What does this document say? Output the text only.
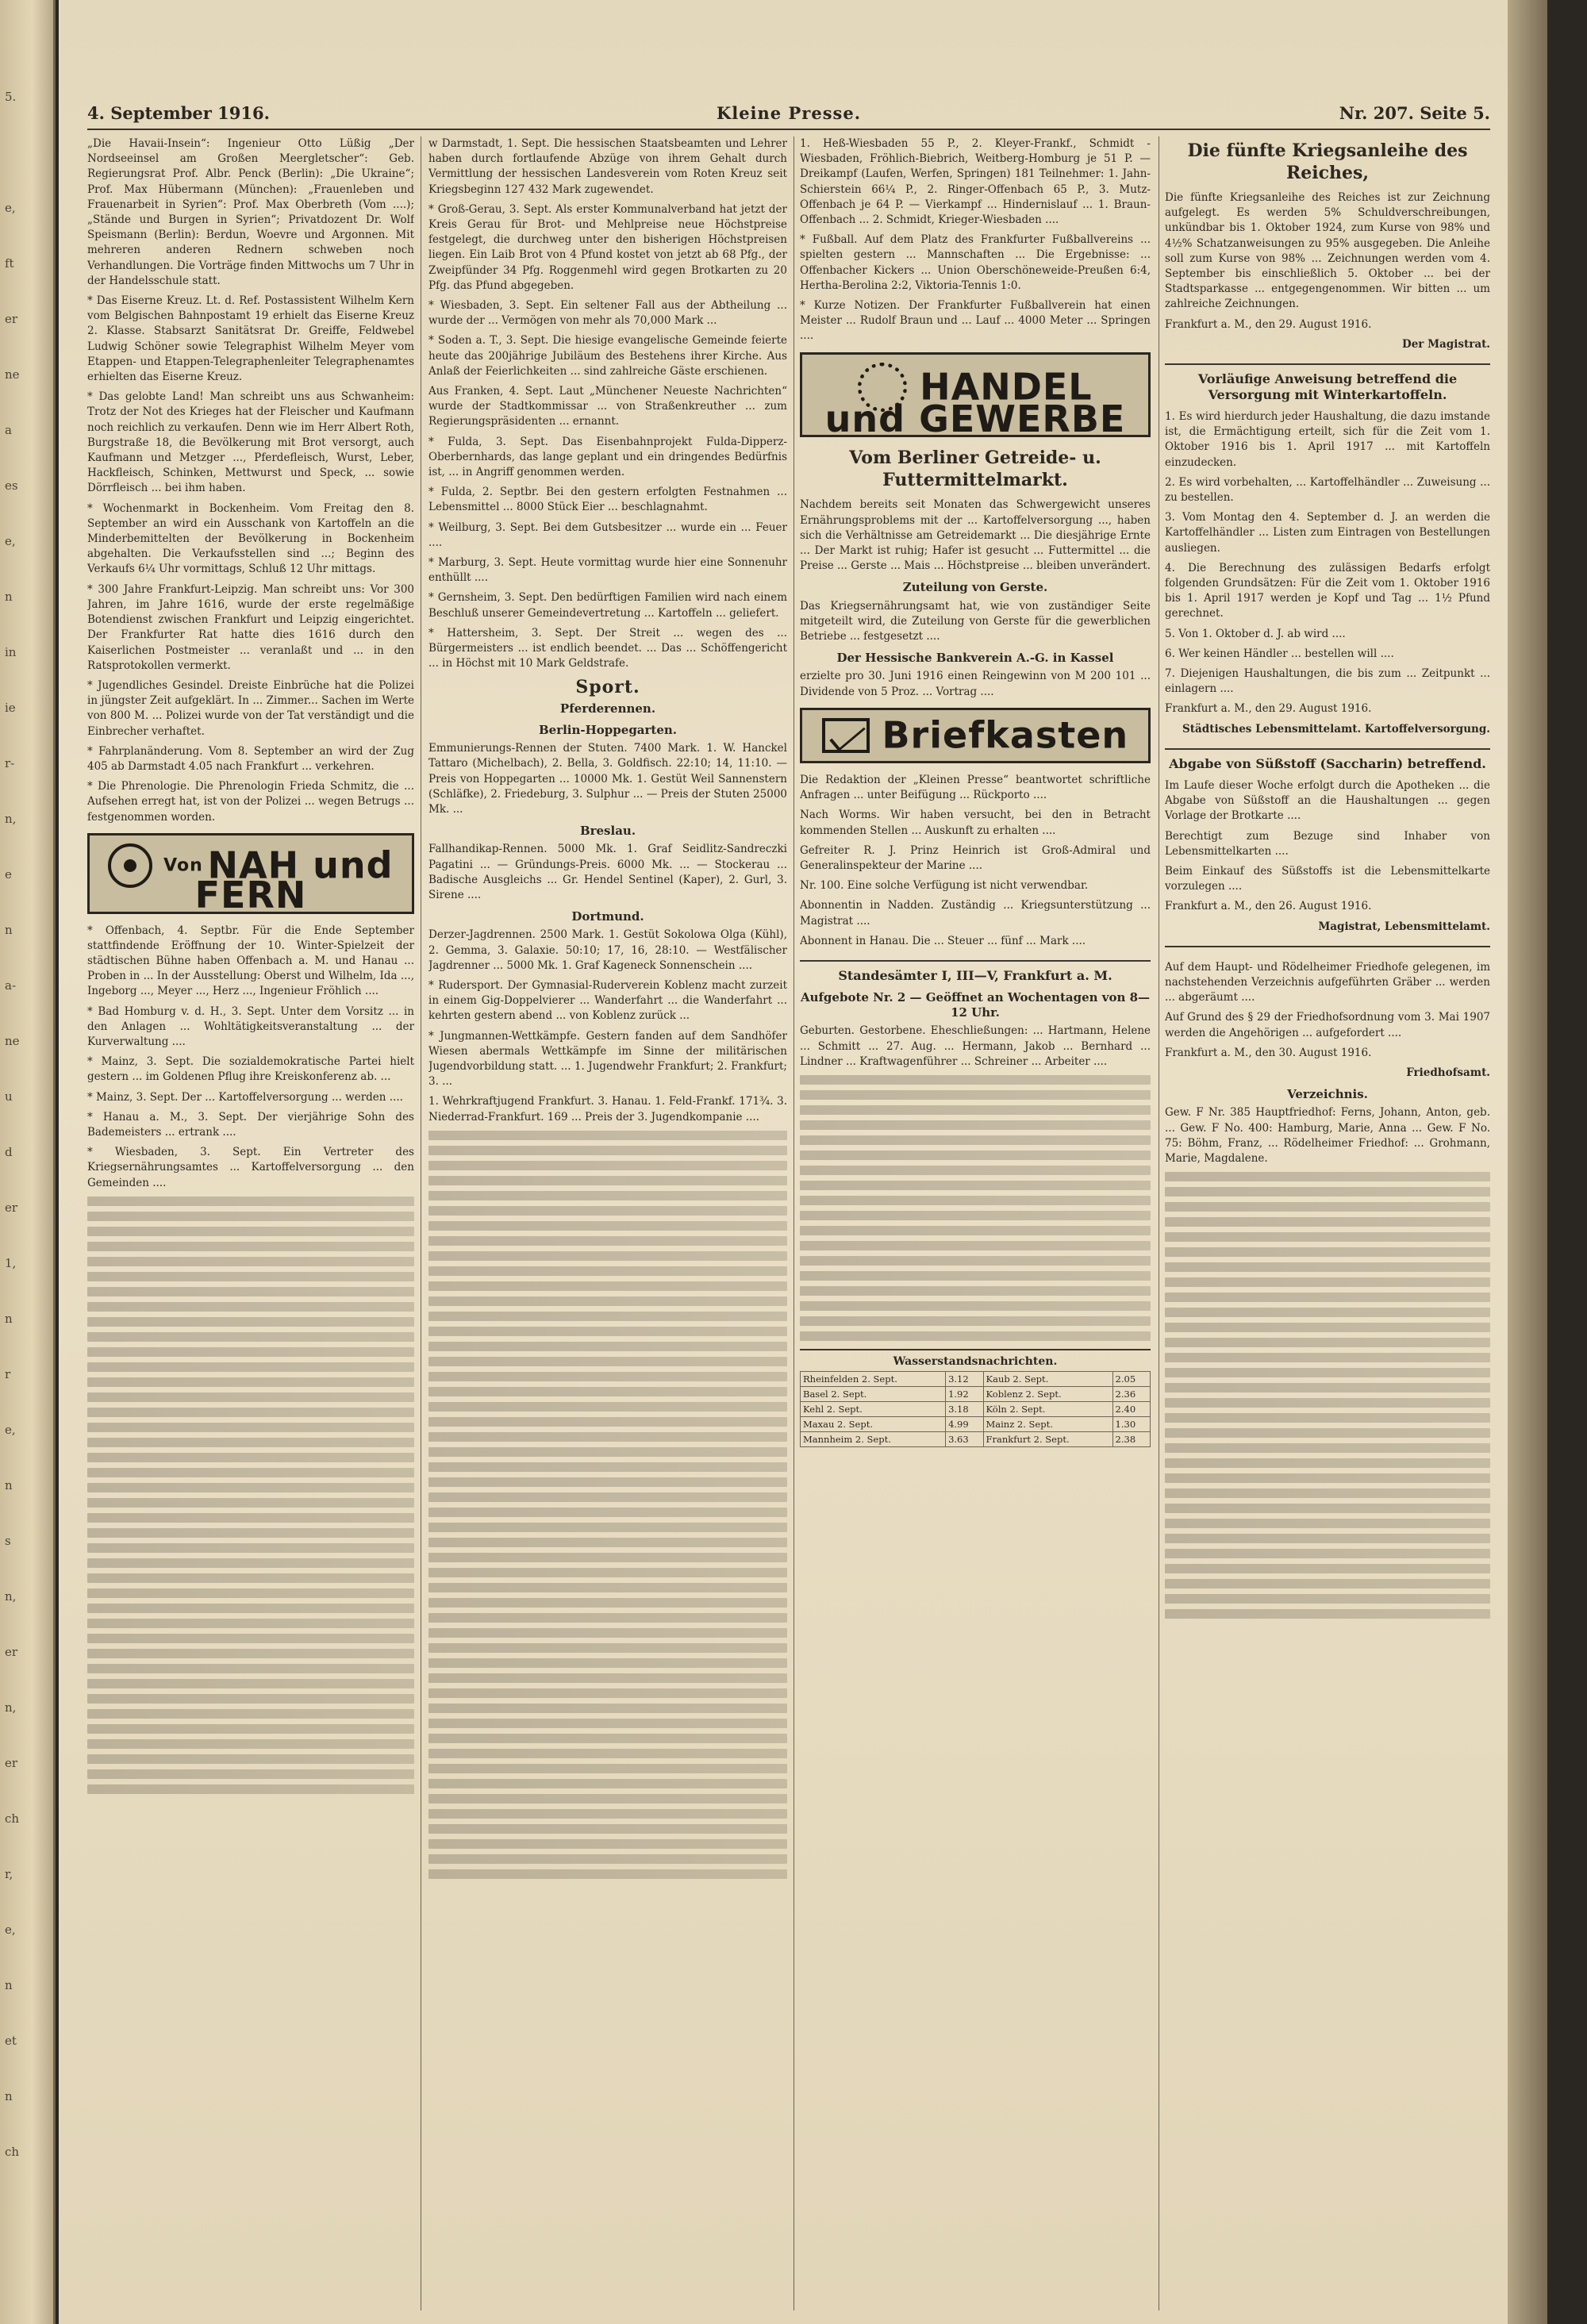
5.
e,
ft
er
ne
a
es
e,
n
in
ie
r-
n,
e
n
a-
ne
u
d
er
1,
n
r
e,
n
s
n,
er
n,
er
ch
r,
e,
n
et
n
ch
4. September 1916.	Kleine Presse.	Nr. 207. Seite 5.

„Die Havaii-Insein“: Ingenieur Otto Lüßig „Der Nordseeinsel am Großen Meergletscher“: Geb. Regierungsrat Prof. Albr. Penck (Berlin): „Die Ukraine“; Prof. Max Hübermann (München): „Frauenleben und Frauenarbeit in Syrien“: Prof. Max Oberbreth (Vom ....); „Stände und Burgen in Syrien“; Privatdozent Dr. Wolf Speismann (Berlin): Berdun, Woevre und Argonnen. Mit mehreren anderen Rednern schweben noch Verhandlungen. Die Vorträge finden Mittwochs um 7 Uhr in der Handelsschule statt.

* Das Eiserne Kreuz. Lt. d. Ref. Postassistent Wilhelm Kern vom Belgischen Bahnpostamt 19 erhielt das Eiserne Kreuz 2. Klasse. Stabsarzt Sanitätsrat Dr. Greiffe, Feldwebel Ludwig Schöner sowie Telegraphist Wilhelm Meyer vom Etappen- und Etappen-Telegraphenleiter Telegraphenamtes erhielten das Eiserne Kreuz.

* Das gelobte Land! Man schreibt uns aus Schwanheim: Trotz der Not des Krieges hat der Fleischer und Kaufmann noch reichlich zu verkaufen. Denn wie im Herr Albert Roth, Burgstraße 18, die Bevölkerung mit Brot versorgt, auch Kaufmann und Metzger ..., Pferdefleisch, Wurst, Leber, Hackfleisch, Schinken, Mettwurst und Speck, ... sowie Dörrfleisch ... bei ihm haben.

* Wochenmarkt in Bockenheim. Vom Freitag den 8. September an wird ein Ausschank von Kartoffeln an die Minderbemittelten der Bevölkerung in Bockenheim abgehalten. Die Verkaufsstellen sind ...; Beginn des Verkaufs 6¼ Uhr vormittags, Schluß 12 Uhr mittags.

* 300 Jahre Frankfurt-Leipzig. Man schreibt uns: Vor 300 Jahren, im Jahre 1616, wurde der erste regelmäßige Botendienst zwischen Frankfurt und Leipzig eingerichtet. Der Frankfurter Rat hatte dies 1616 durch den Kaiserlichen Postmeister ... veranlaßt und ... in den Ratsprotokollen vermerkt.

* Jugendliches Gesindel. Dreiste Einbrüche hat die Polizei in jüngster Zeit aufgeklärt. In ... Zimmer... Sachen im Werte von 800 M. ... Polizei wurde von der Tat verständigt und die Einbrecher verhaftet.

* Fahrplanänderung. Vom 8. September an wird der Zug 405 ab Darmstadt 4.05 nach Frankfurt ... verkehren.

* Die Phrenologie. Die Phrenologin Frieda Schmitz, die ... Aufsehen erregt hat, ist von der Polizei ... wegen Betrugs ... festgenommen worden.

Von NAH und FERN

* Offenbach, 4. Septbr. Für die Ende September stattfindende Eröffnung der 10. Winter-Spielzeit der städtischen Bühne haben Offenbach a. M. und Hanau ... Proben in ... In der Ausstellung: Oberst und Wilhelm, Ida ..., Ingeborg ..., Meyer ..., Herz ..., Ingenieur Fröhlich ....

* Bad Homburg v. d. H., 3. Sept. Unter dem Vorsitz ... in den Anlagen ... Wohltätigkeitsveranstaltung ... der Kurverwaltung ....

* Mainz, 3. Sept. Die sozialdemokratische Partei hielt gestern ... im Goldenen Pflug ihre Kreiskonferenz ab. ...

* Mainz, 3. Sept. Der ... Kartoffelversorgung ... werden ....

* Hanau a. M., 3. Sept. Der vierjährige Sohn des Bademeisters ... ertrank ....

* Wiesbaden, 3. Sept. Ein Vertreter des Kriegsernährungsamtes ... Kartoffelversorgung ... den Gemeinden ....

w Darmstadt, 1. Sept. Die hessischen Staatsbeamten und Lehrer haben durch fortlaufende Abzüge von ihrem Gehalt durch Vermittlung der hessischen Landesverein vom Roten Kreuz seit Kriegsbeginn 127 432 Mark zugewendet.

* Groß-Gerau, 3. Sept. Als erster Kommunalverband hat jetzt der Kreis Gerau für Brot- und Mehlpreise neue Höchstpreise festgelegt, die durchweg unter den bisherigen Höchstpreisen liegen. Ein Laib Brot von 4 Pfund kostet von jetzt ab 68 Pfg., der Zweipfünder 34 Pfg. Roggenmehl wird gegen Brotkarten zu 20 Pfg. das Pfund abgegeben.

* Wiesbaden, 3. Sept. Ein seltener Fall aus der Abtheilung ... wurde der ... Vermögen von mehr als 70,000 Mark ...

* Soden a. T., 3. Sept. Die hiesige evangelische Gemeinde feierte heute das 200jährige Jubiläum des Bestehens ihrer Kirche. Aus Anlaß der Feierlichkeiten ... sind zahlreiche Gäste erschienen.

Aus Franken, 4. Sept. Laut „Münchener Neueste Nachrichten“ wurde der Stadtkommissar ... von Straßenkreuther ... zum Regierungspräsidenten ... ernannt.

* Fulda, 3. Sept. Das Eisenbahnprojekt Fulda-Dipperz-Oberbernhards, das lange geplant und ein dringendes Bedürfnis ist, ... in Angriff genommen werden.

* Fulda, 2. Septbr. Bei den gestern erfolgten Festnahmen ... Lebensmittel ... 8000 Stück Eier ... beschlagnahmt.

* Weilburg, 3. Sept. Bei dem Gutsbesitzer ... wurde ein ... Feuer ....

* Marburg, 3. Sept. Heute vormittag wurde hier eine Sonnenuhr enthüllt ....

* Gernsheim, 3. Sept. Den bedürftigen Familien wird nach einem Beschluß unserer Gemeindevertretung ... Kartoffeln ... geliefert.

* Hattersheim, 3. Sept. Der Streit ... wegen des ... Bürgermeisters ... ist endlich beendet. ... Das ... Schöffengericht ... in Höchst mit 10 Mark Geldstrafe.

Sport.
Pferderennen.
Berlin-Hoppegarten.

Emmunierungs-Rennen der Stuten. 7400 Mark. 1. W. Hanckel Tattaro (Michelbach), 2. Bella, 3. Goldfisch. 22:10; 14, 11:10. — Preis von Hoppegarten ... 10000 Mk. 1. Gestüt Weil Sannenstern (Schläfke), 2. Friedeburg, 3. Sulphur ... — Preis der Stuten 25000 Mk. ...

Breslau.

Fallhandikap-Rennen. 5000 Mk. 1. Graf Seidlitz-Sandreczki Pagatini ... — Gründungs-Preis. 6000 Mk. ... — Stockerau ... Badische Ausgleichs ... Gr. Hendel Sentinel (Kaper), 2. Gurl, 3. Sirene ....

Dortmund.

Derzer-Jagdrennen. 2500 Mark. 1. Gestüt Sokolowa Olga (Kühl), 2. Gemma, 3. Galaxie. 50:10; 17, 16, 28:10. — Westfälischer Jagdrenner ... 5000 Mk. 1. Graf Kageneck Sonnenschein ....

* Rudersport. Der Gymnasial-Ruderverein Koblenz macht zurzeit in einem Gig-Doppelvierer ... Wanderfahrt ... die Wanderfahrt ... kehrten gestern abend ... von Koblenz zurück ...

* Jungmannen-Wettkämpfe. Gestern fanden auf dem Sandhöfer Wiesen abermals Wettkämpfe im Sinne der militärischen Jugendvorbildung statt. ... 1. Jugendwehr Frankfurt; 2. Frankfurt; 3. ...

1. Wehrkraftjugend Frankfurt. 3. Hanau. 1. Feld-Frankf. 171¾. 3. Niederrad-Frankfurt. 169 ... Preis der 3. Jugendkompanie ....

1. Heß-Wiesbaden 55 P., 2. Kleyer-Frankf., Schmidt - Wiesbaden, Fröhlich-Biebrich, Weitberg-Homburg je 51 P. — Dreikampf (Laufen, Werfen, Springen) 181 Teilnehmer: 1. Jahn-Schierstein 66¼ P., 2. Ringer-Offenbach 65 P., 3. Mutz-Offenbach je 64 P. — Vierkampf ... Hindernislauf ... 1. Braun-Offenbach ... 2. Schmidt, Krieger-Wiesbaden ....

* Fußball. Auf dem Platz des Frankfurter Fußballvereins ... spielten gestern ... Mannschaften ... Die Ergebnisse: ... Offenbacher Kickers ... Union Oberschöneweide-Preußen 6:4, Hertha-Berolina 2:2, Viktoria-Tennis 1:0.

* Kurze Notizen. Der Frankfurter Fußballverein hat einen Meister ... Rudolf Braun und ... Lauf ... 4000 Meter ... Springen ....

HANDEL und GEWERBE
Vom Berliner Getreide- u. Futtermittelmarkt.

Nachdem bereits seit Monaten das Schwergewicht unseres Ernährungsproblems mit der ... Kartoffelversorgung ..., haben sich die Verhältnisse am Getreidemarkt ... Die diesjährige Ernte ... Der Markt ist ruhig; Hafer ist gesucht ... Futtermittel ... die Preise ... Gerste ... Mais ... Höchstpreise ... bleiben unverändert.

Zuteilung von Gerste.

Das Kriegsernährungsamt hat, wie von zuständiger Seite mitgeteilt wird, die Zuteilung von Gerste für die gewerblichen Betriebe ... festgesetzt ....

Der Hessische Bankverein A.-G. in Kassel

erzielte pro 30. Juni 1916 einen Reingewinn von M 200 101 ... Dividende von 5 Proz. ... Vortrag ....

Briefkasten

Die Redaktion der „Kleinen Presse“ beantwortet schriftliche Anfragen ... unter Beifügung ... Rückporto ....

Nach Worms. Wir haben versucht, bei den in Betracht kommenden Stellen ... Auskunft zu erhalten ....

Gefreiter R. J. Prinz Heinrich ist Groß-Admiral und Generalinspekteur der Marine ....

Nr. 100. Eine solche Verfügung ist nicht verwendbar.

Abonnentin in Nadden. Zuständig ... Kriegsunterstützung ... Magistrat ....

Abonnent in Hanau. Die ... Steuer ... fünf ... Mark ....

Standesämter I, III—V, Frankfurt a. M.
Aufgebote Nr. 2 — Geöffnet an Wochentagen von 8—12 Uhr.

Geburten. Gestorbene. Eheschließungen: ... Hartmann, Helene ... Schmitt ... 27. Aug. ... Hermann, Jakob ... Bernhard ... Lindner ... Kraftwagenführer ... Schreiner ... Arbeiter ....

Wasserstandsnachrichten.
Rheinfelden 2. Sept.	3.12	Kaub 2. Sept.	2.05
Basel 2. Sept.	1.92	Koblenz 2. Sept.	2.36
Kehl 2. Sept.	3.18	Köln 2. Sept.	2.40
Maxau 2. Sept.	4.99	Mainz 2. Sept.	1.30
Mannheim 2. Sept.	3.63	Frankfurt 2. Sept.	2.38
Die fünfte Kriegsanleihe des Reiches,

Die fünfte Kriegsanleihe des Reiches ist zur Zeichnung aufgelegt. Es werden 5% Schuldverschreibungen, unkündbar bis 1. Oktober 1924, zum Kurse von 98% und 4½% Schatzanweisungen zu 95% ausgegeben. Die Anleihe soll zum Kurse von 98% ... Zeichnungen werden vom 4. September bis einschließlich 5. Oktober ... bei der Stadtsparkasse ... entgegengenommen. Wir bitten ... um zahlreiche Zeichnungen.

Frankfurt a. M., den 29. August 1916.

Der Magistrat.
Vorläufige Anweisung betreffend die Versorgung mit Winterkartoffeln.

1. Es wird hierdurch jeder Haushaltung, die dazu imstande ist, die Ermächtigung erteilt, sich für die Zeit vom 1. Oktober 1916 bis 1. April 1917 ... mit Kartoffeln einzudecken.

2. Es wird vorbehalten, ... Kartoffelhändler ... Zuweisung ... zu bestellen.

3. Vom Montag den 4. September d. J. an werden die Kartoffelhändler ... Listen zum Eintragen von Bestellungen ausliegen.

4. Die Berechnung des zulässigen Bedarfs erfolgt folgenden Grundsätzen: Für die Zeit vom 1. Oktober 1916 bis 1. April 1917 werden je Kopf und Tag ... 1½ Pfund gerechnet.

5. Von 1. Oktober d. J. ab wird ....

6. Wer keinen Händler ... bestellen will ....

7. Diejenigen Haushaltungen, die bis zum ... Zeitpunkt ... einlagern ....

Frankfurt a. M., den 29. August 1916.

Städtisches Lebensmittelamt. Kartoffelversorgung.
Abgabe von Süßstoff (Saccharin) betreffend.

Im Laufe dieser Woche erfolgt durch die Apotheken ... die Abgabe von Süßstoff an die Haushaltungen ... gegen Vorlage der Brotkarte ....

Berechtigt zum Bezuge sind Inhaber von Lebensmittelkarten ....

Beim Einkauf des Süßstoffs ist die Lebensmittelkarte vorzulegen ....

Frankfurt a. M., den 26. August 1916.

Magistrat, Lebensmittelamt.

Auf dem Haupt- und Rödelheimer Friedhofe gelegenen, im nachstehenden Verzeichnis aufgeführten Gräber ... werden ... abgeräumt ....

Auf Grund des § 29 der Friedhofsordnung vom 3. Mai 1907 werden die Angehörigen ... aufgefordert ....

Frankfurt a. M., den 30. August 1916.

Friedhofsamt.
Verzeichnis.

Gew. F Nr. 385 Hauptfriedhof: Ferns, Johann, Anton, geb. ... Gew. F No. 400: Hamburg, Marie, Anna ... Gew. F No. 75: Böhm, Franz, ... Rödelheimer Friedhof: ... Grohmann, Marie, Magdalene.
